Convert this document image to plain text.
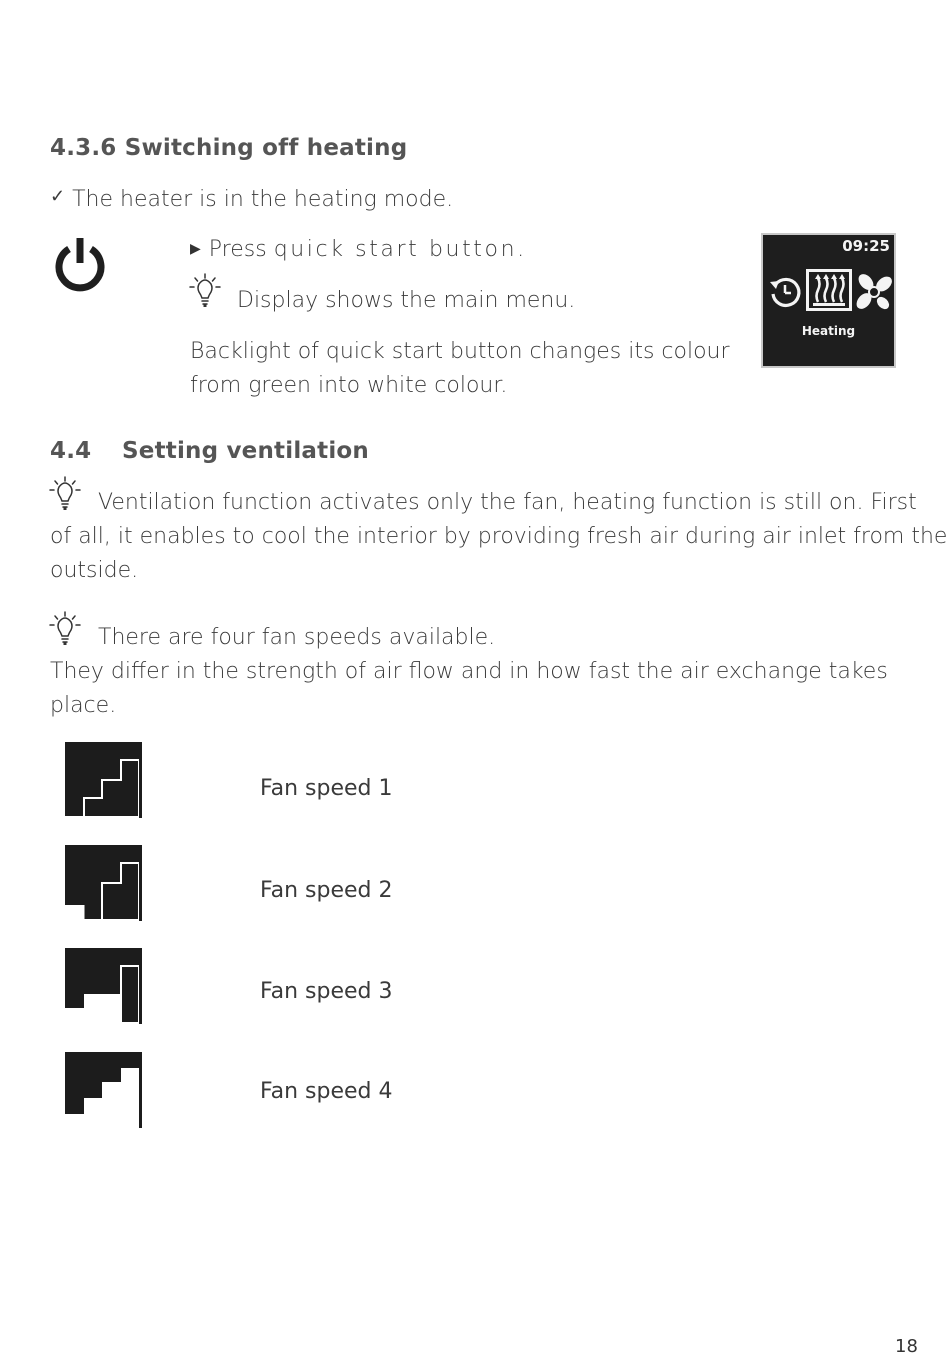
4.3.6 Switching off heating
✓ The heater is in the heating mode.
▶ Press quick start button.
Display shows the main menu.
Backlight of quick start button changes its colour
from green into white colour.
09:25
Heating
4.4 Setting ventilation
Ventilation function activates only the fan, heating function is still on. First
of all, it enables to cool the interior by providing fresh air during air inlet from the
outside.
There are four fan speeds available.
They differ in the strength of air flow and in how fast the air exchange takes
place.
Fan speed 1
Fan speed 2
Fan speed 3
Fan speed 4
18
